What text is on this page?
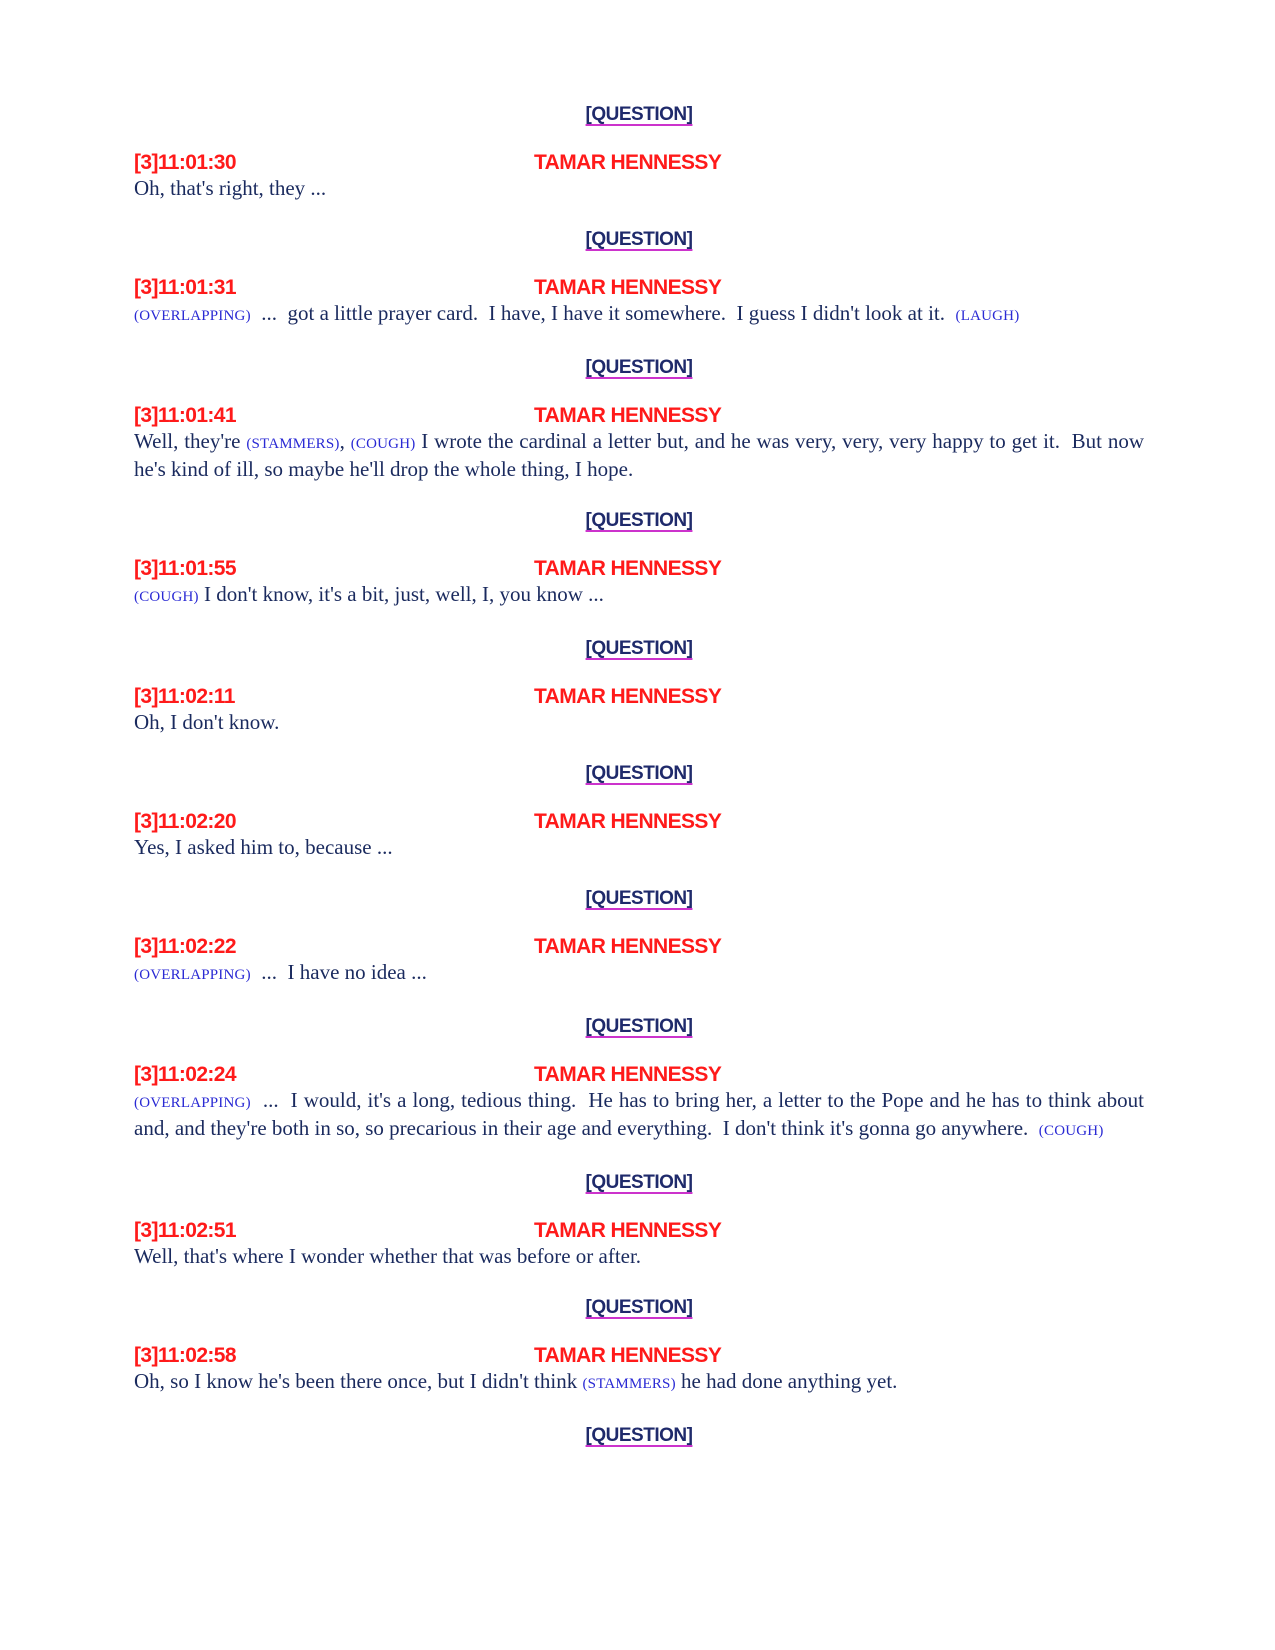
[QUESTION]
[3]11:01:30	TAMAR HENNESSY
Oh, that's right, they ...
[QUESTION]
[3]11:01:31	TAMAR HENNESSY
(OVERLAPPING)  ...  got a little prayer card.  I have, I have it somewhere.  I guess I didn't look at it.  (LAUGH)
[QUESTION]
[3]11:01:41	TAMAR HENNESSY
Well, they're (STAMMERS), (COUGH) I wrote the cardinal a letter but, and he was very, very, very happy to get it.  But now he's kind of ill, so maybe he'll drop the whole thing, I hope.
[QUESTION]
[3]11:01:55	TAMAR HENNESSY
(COUGH) I don't know, it's a bit, just, well, I, you know ...
[QUESTION]
[3]11:02:11	TAMAR HENNESSY
Oh, I don't know.
[QUESTION]
[3]11:02:20	TAMAR HENNESSY
Yes, I asked him to, because ...
[QUESTION]
[3]11:02:22	TAMAR HENNESSY
(OVERLAPPING)  ...  I have no idea ...
[QUESTION]
[3]11:02:24	TAMAR HENNESSY
(OVERLAPPING)  ...  I would, it's a long, tedious thing.  He has to bring her, a letter to the Pope and he has to think about and, and they're both in so, so precarious in their age and everything.  I don't think it's gonna go anywhere.  (COUGH)
[QUESTION]
[3]11:02:51	TAMAR HENNESSY
Well, that's where I wonder whether that was before or after.
[QUESTION]
[3]11:02:58	TAMAR HENNESSY
Oh, so I know he's been there once, but I didn't think (STAMMERS) he had done anything yet.
[QUESTION]
